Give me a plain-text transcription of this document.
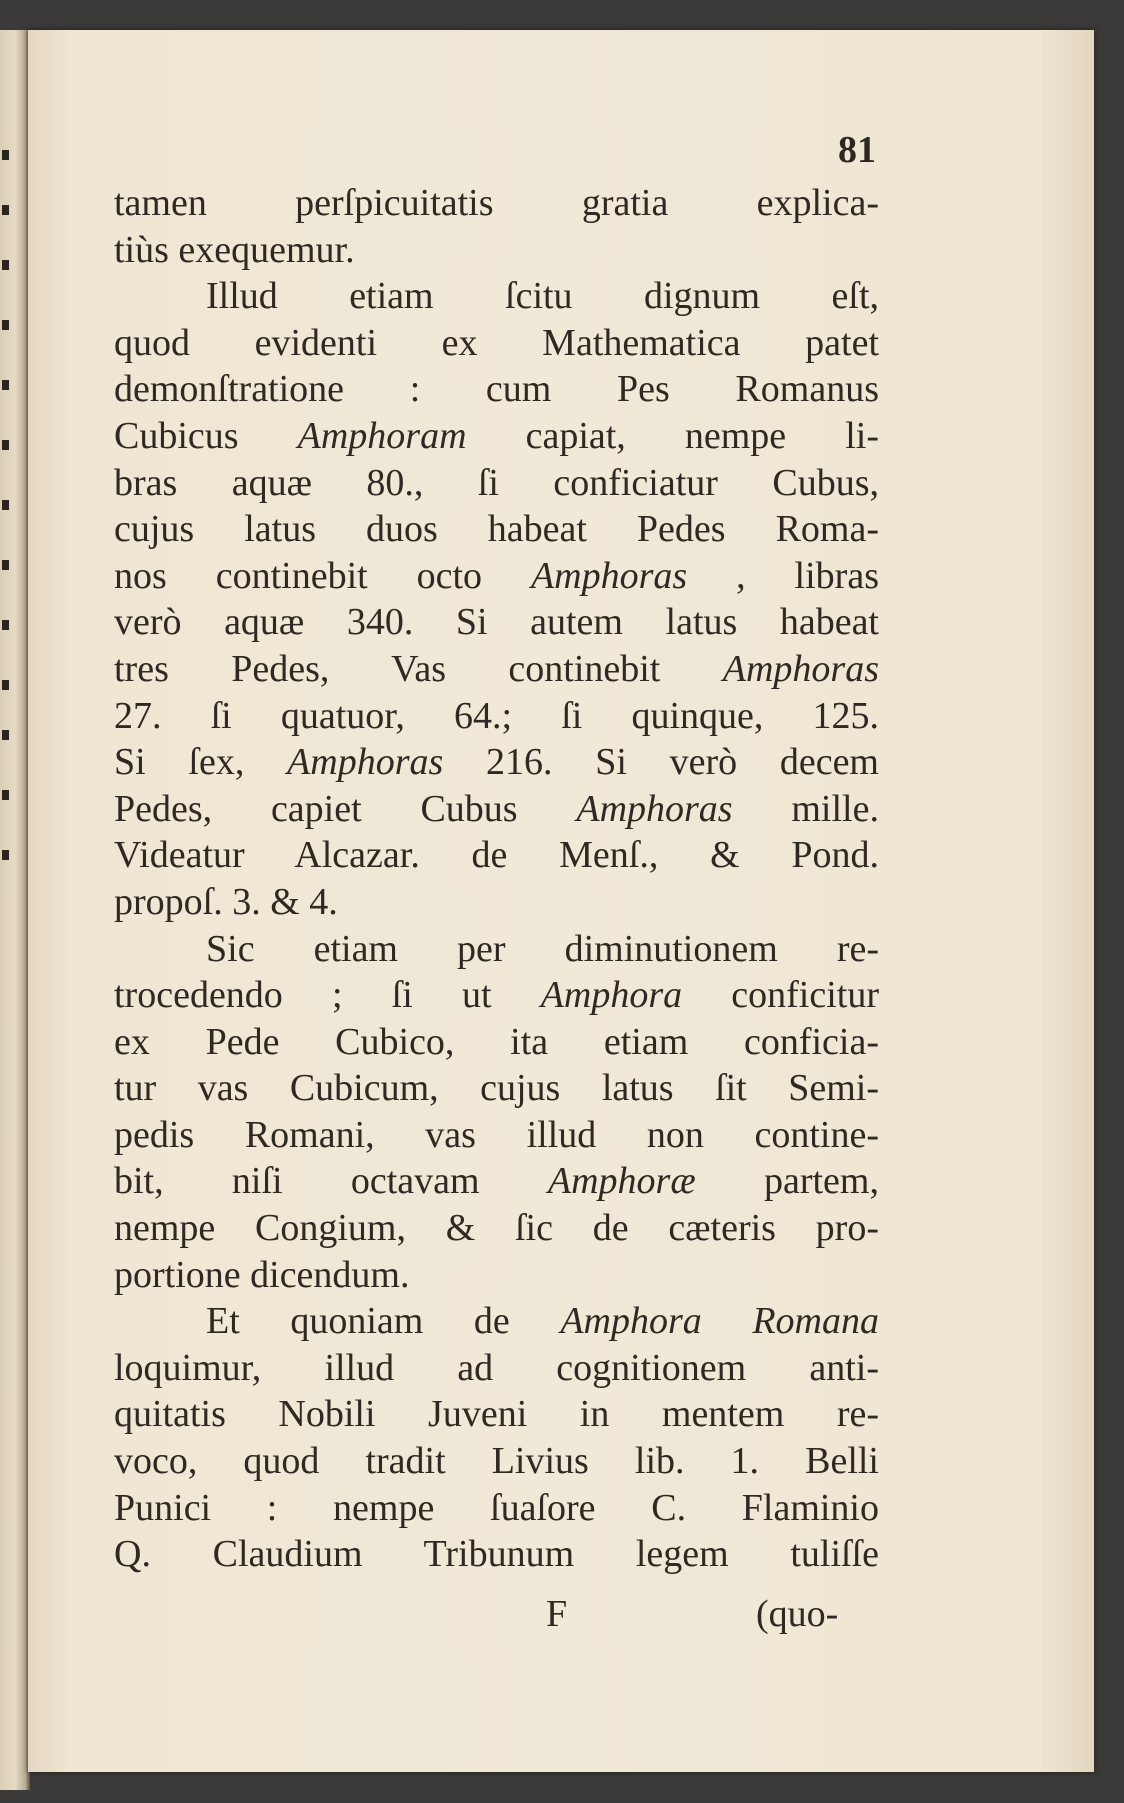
81
tamen perſpicuitatis gratia explica-
tiùs exequemur.
Illud etiam ſcitu dignum eſt,
quod evidenti ex Mathematica patet
demonſtratione : cum Pes Romanus
Cubicus Amphoram capiat, nempe li-
bras aquæ 80., ſi conficiatur Cubus,
cujus latus duos habeat Pedes Roma-
nos continebit octo Amphoras , libras
verò aquæ 340. Si autem latus habeat
tres Pedes, Vas continebit Amphoras
27. ſi quatuor, 64.; ſi quinque, 125.
Si ſex, Amphoras 216. Si verò decem
Pedes, capiet Cubus Amphoras mille.
Videatur Alcazar. de Menſ., & Pond.
propoſ. 3. & 4.
Sic etiam per diminutionem re-
trocedendo ; ſi ut Amphora conficitur
ex Pede Cubico, ita etiam conficia-
tur vas Cubicum, cujus latus ſit Semi-
pedis Romani, vas illud non contine-
bit, niſi octavam Amphoræ partem,
nempe Congium, & ſic de cæteris pro-
portione dicendum.
Et quoniam de Amphora Romana
loquimur, illud ad cognitionem anti-
quitatis Nobili Juveni in mentem re-
voco, quod tradit Livius lib. 1. Belli
Punici : nempe ſuaſore C. Flaminio
Q. Claudium Tribunum legem tuliſſe
F	(quo-
